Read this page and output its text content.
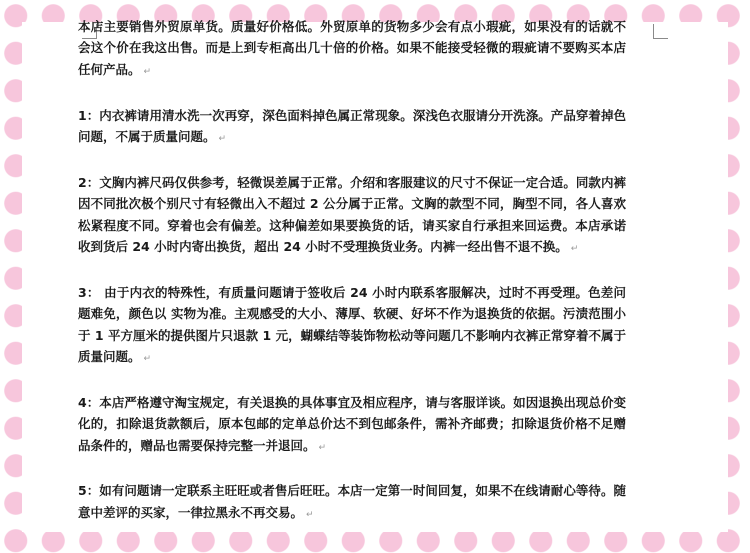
本店主要销售外贸原单货。质量好价格低。外贸原单的货物多少会有点小瑕疵，如果没有的话就不会这个价在我这出售。而是上到专柜高出几十倍的价格。如果不能接受轻微的瑕疵请不要购买本店任何产品。 ↵

1：内衣裤请用清水洗一次再穿，深色面料掉色属正常现象。深浅色衣服请分开洗涤。产品穿着掉色问题，不属于质量问题。 ↵

2：文胸内裤尺码仅供参考，轻微误差属于正常。介绍和客服建议的尺寸不保证一定合适。同款内裤因不同批次极个别尺寸有轻微出入不超过 2 公分属于正常。文胸的款型不同，胸型不同，各人喜欢松紧程度不同。穿着也会有偏差。这种偏差如果要换货的话，请买家自行承担来回运费。本店承诺收到货后 24 小时内寄出换货，超出 24 小时不受理换货业务。内裤一经出售不退不换。 ↵

3： 由于内衣的特殊性，有质量问题请于签收后 24 小时内联系客服解决，过时不再受理。色差问题难免，颜色以 实物为准。主观感受的大小、薄厚、软硬、好坏不作为退换货的依据。污渍范围小于 1 平方厘米的提供图片只退款 1 元，蝴蝶结等装饰物松动等问题几不影响内衣裤正常穿着不属于质量问题。 ↵

4：本店严格遵守淘宝规定，有关退换的具体事宜及相应程序，请与客服详谈。如因退换出现总价变化的，扣除退货款额后，原本包邮的定单总价达不到包邮条件，需补齐邮费；扣除退货价格不足赠品条件的，赠品也需要保持完整一并退回。 ↵

5：如有问题请一定联系主旺旺或者售后旺旺。本店一定第一时间回复，如果不在线请耐心等待。随意中差评的买家，一律拉黑永不再交易。 ↵
